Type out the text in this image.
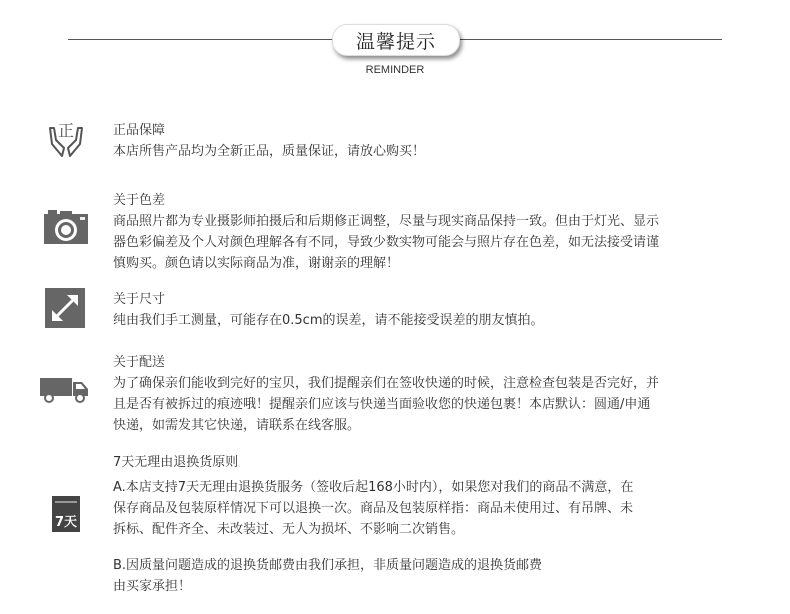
温馨提示
REMINDER
正	正品保障

本店所售产品均为全新正品，质量保证，请放心购买！

关于色差

商品照片都为专业摄影师拍摄后和后期修正调整，尽量与现实商品保持一致。但由于灯光、显示

器色彩偏差及个人对颜色理解各有不同，导致少数实物可能会与照片存在色差，如无法接受请谨

慎购买。颜色请以实际商品为准，谢谢亲的理解！

关于尺寸

纯由我们手工测量，可能存在0.5cm的误差，请不能接受误差的朋友慎拍。

关于配送

为了确保亲们能收到完好的宝贝，我们提醒亲们在签收快递的时候，注意检查包装是否完好，并

且是否有被拆过的痕迹哦！提醒亲们应该与快递当面验收您的快递包裹！本店默认：圆通/申通

快递，如需发其它快递，请联系在线客服。

7天

7天无理由退换货原则

A.本店支持7天无理由退换货服务（签收后起168小时内），如果您对我们的商品不满意，在

保存商品及包装原样情况下可以退换一次。商品及包装原样指：商品未使用过、有吊牌、未

拆标、配件齐全、未改装过、无人为损坏、不影响二次销售。

B.因质量问题造成的退换货邮费由我们承担，非质量问题造成的退换货邮费

由买家承担！
